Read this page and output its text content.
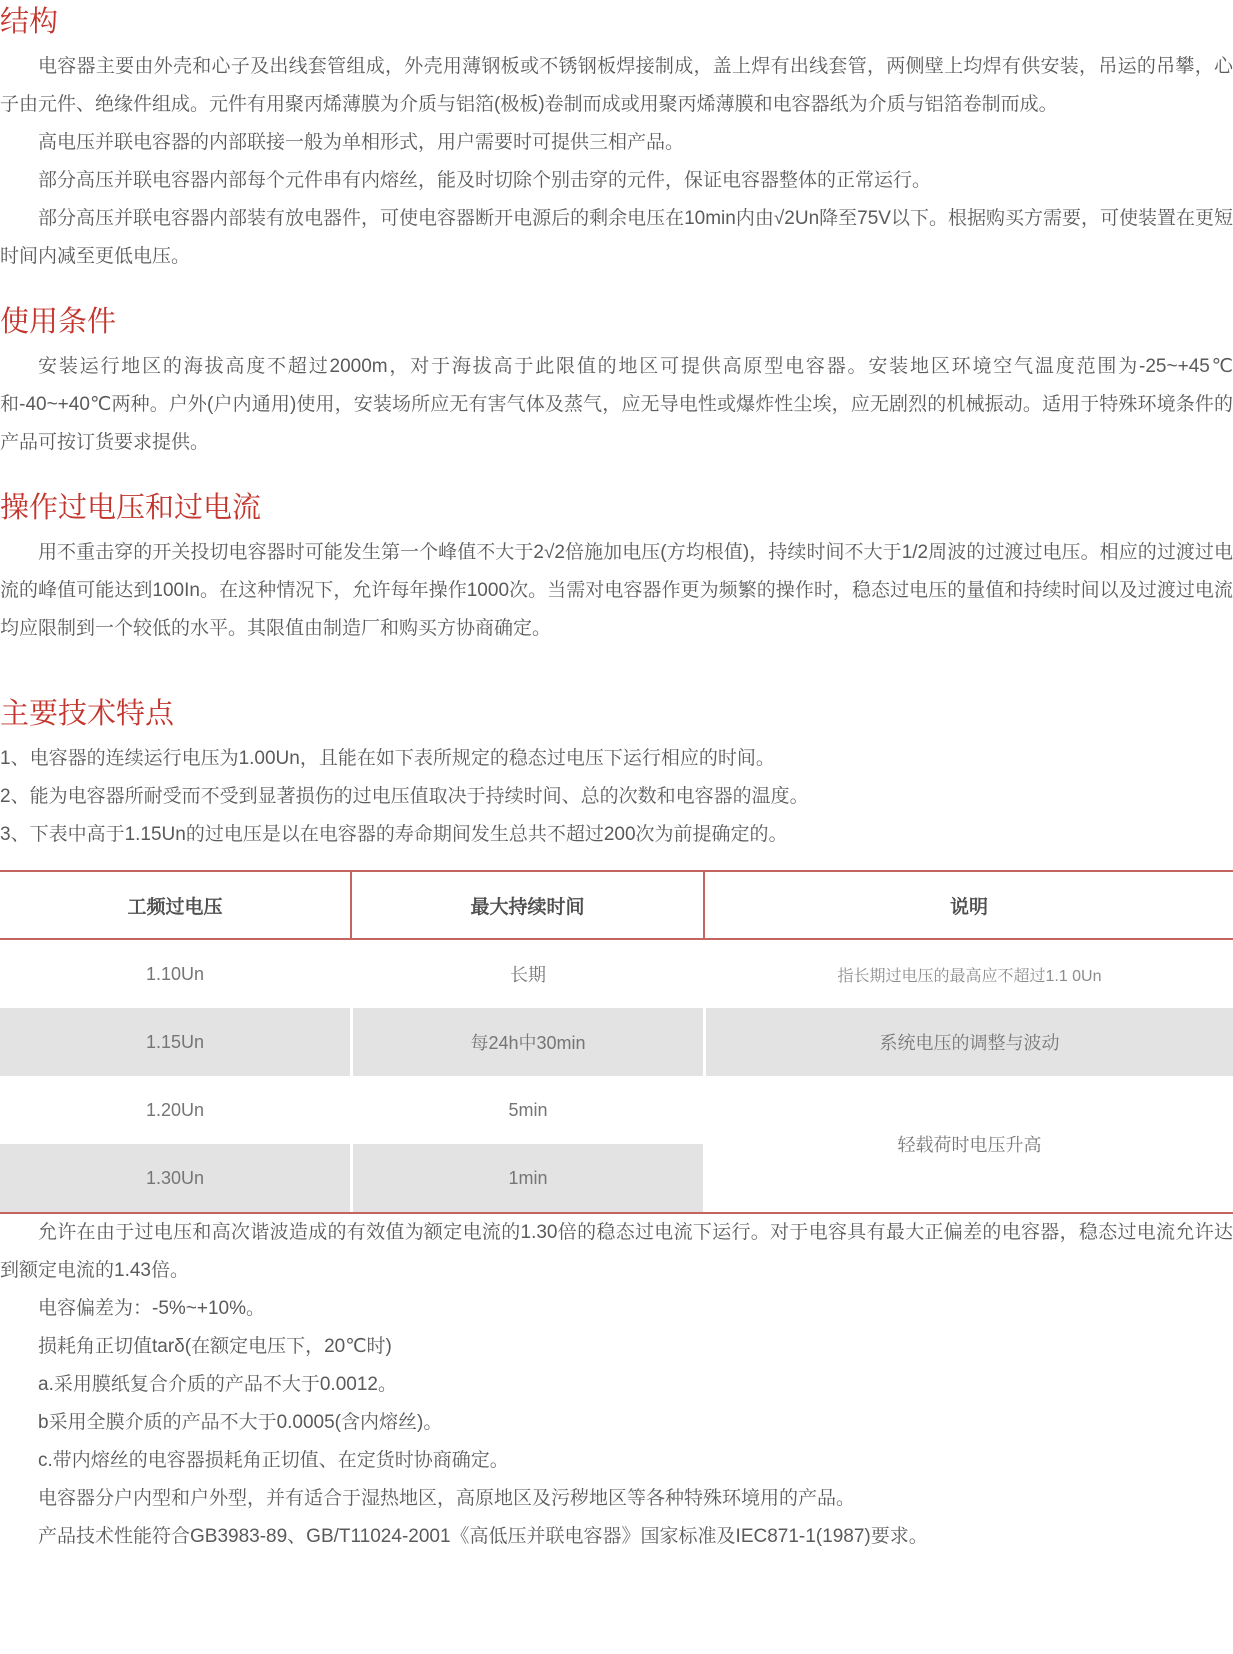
结构

电容器主要由外壳和心子及出线套管组成，外壳用薄钢板或不锈钢板焊接制成，盖上焊有出线套管，两侧壁上均焊有供安装，吊运的吊攀，心子由元件、绝缘件组成。元件有用聚丙烯薄膜为介质与铝箔(极板)卷制而成或用聚丙烯薄膜和电容器纸为介质与铝箔卷制而成。

高电压并联电容器的内部联接一般为单相形式，用户需要时可提供三相产品。

部分高压并联电容器内部每个元件串有内熔丝，能及时切除个别击穿的元件，保证电容器整体的正常运行。

部分高压并联电容器内部装有放电器件，可使电容器断开电源后的剩余电压在10min内由√2Un降至75V以下。根据购买方需要，可使装置在更短时间内减至更低电压。

使用条件

安装运行地区的海拔高度不超过2000m，对于海拔高于此限值的地区可提供高原型电容器。安装地区环境空气温度范围为-25~+45℃和-40~+40℃两种。户外(户内通用)使用，安装场所应无有害气体及蒸气，应无导电性或爆炸性尘埃，应无剧烈的机械振动。适用于特殊环境条件的产品可按订货要求提供。

操作过电压和过电流

用不重击穿的开关投切电容器时可能发生第一个峰值不大于2√2倍施加电压(方均根值)，持续时间不大于1/2周波的过渡过电压。相应的过渡过电流的峰值可能达到100In。在这种情况下，允许每年操作1000次。当需对电容器作更为频繁的操作时，稳态过电压的量值和持续时间以及过渡过电流均应限制到一个较低的水平。其限值由制造厂和购买方协商确定。

主要技术特点

1、电容器的连续运行电压为1.00Un，且能在如下表所规定的稳态过电压下运行相应的时间。

2、能为电容器所耐受而不受到显著损伤的过电压值取决于持续时间、总的次数和电容器的温度。

3、下表中高于1.15Un的过电压是以在电容器的寿命期间发生总共不超过200次为前提确定的。

工频过电压	最大持续时间	说明
1.10Un	长期	指长期过电压的最高应不超过1.1 0Un
1.15Un	每24h中30min	系统电压的调整与波动
1.20Un	5min	轻载荷时电压升高
1.30Un	1min	

允许在由于过电压和高次谐波造成的有效值为额定电流的1.30倍的稳态过电流下运行。对于电容具有最大正偏差的电容器，稳态过电流允许达到额定电流的1.43倍。

电容偏差为：-5%~+10%。

损耗角正切值tarδ(在额定电压下，20℃时)

a.采用膜纸复合介质的产品不大于0.0012。

b采用全膜介质的产品不大于0.0005(含内熔丝)。

c.带内熔丝的电容器损耗角正切值、在定货时协商确定。

电容器分户内型和户外型，并有适合于湿热地区，高原地区及污秽地区等各种特殊环境用的产品。

产品技术性能符合GB3983-89、GB/T11024-2001《高低压并联电容器》国家标准及IEC871-1(1987)要求。
